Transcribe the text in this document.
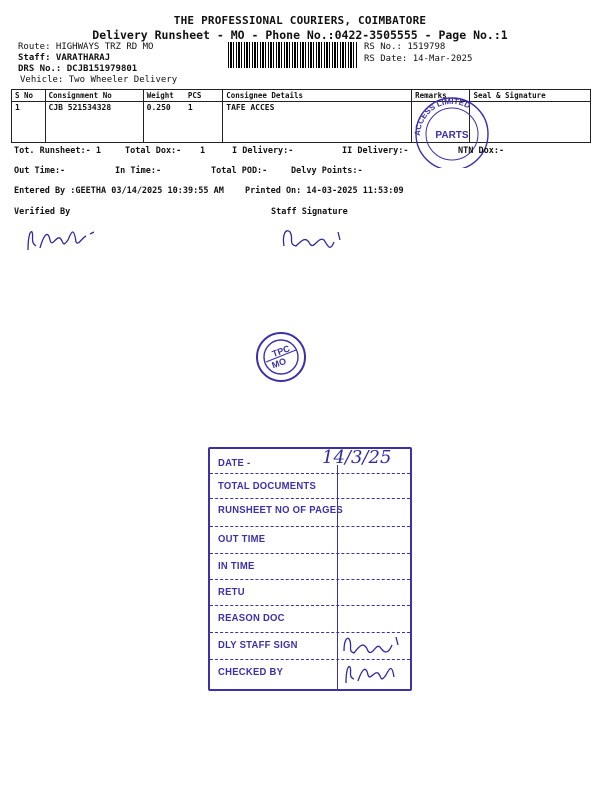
THE PROFESSIONAL COURIERS, COIMBATORE
Delivery Runsheet - MO - Phone No.:0422-3505555 - Page No.:1
Route: HIGHWAYS TRZ RD MO
Staff: VARATHARAJ
DRS No.: DCJB151979801
Vehicle: Two Wheeler Delivery
RS No.: 1519798
RS Date: 14-Mar-2025
S No	Consignment No	Weight	PCS	Consignee Details	Remarks	Seal & Signature
1	CJB 521534328	0.250	1	TAFE ACCES		
ACCESS LIMITED
PARTS
Tot. Runsheet:- 1	Total Dox:- 1	I Delivery:-	II Delivery:-	NTN Dox:-
Out Time:-	In Time:-	Total POD:-	Delvy Points:-
Entered By :GEETHA 03/14/2025 10:39:55 AM Printed On: 14-03-2025 11:53:09
Verified By	Staff Signature
TPC
MO
DATE -	14/3/25
TOTAL DOCUMENTS
RUNSHEET NO OF PAGES
OUT TIME
IN TIME
RETU
REASON DOC
DLY STAFF SIGN
CHECKED BY
